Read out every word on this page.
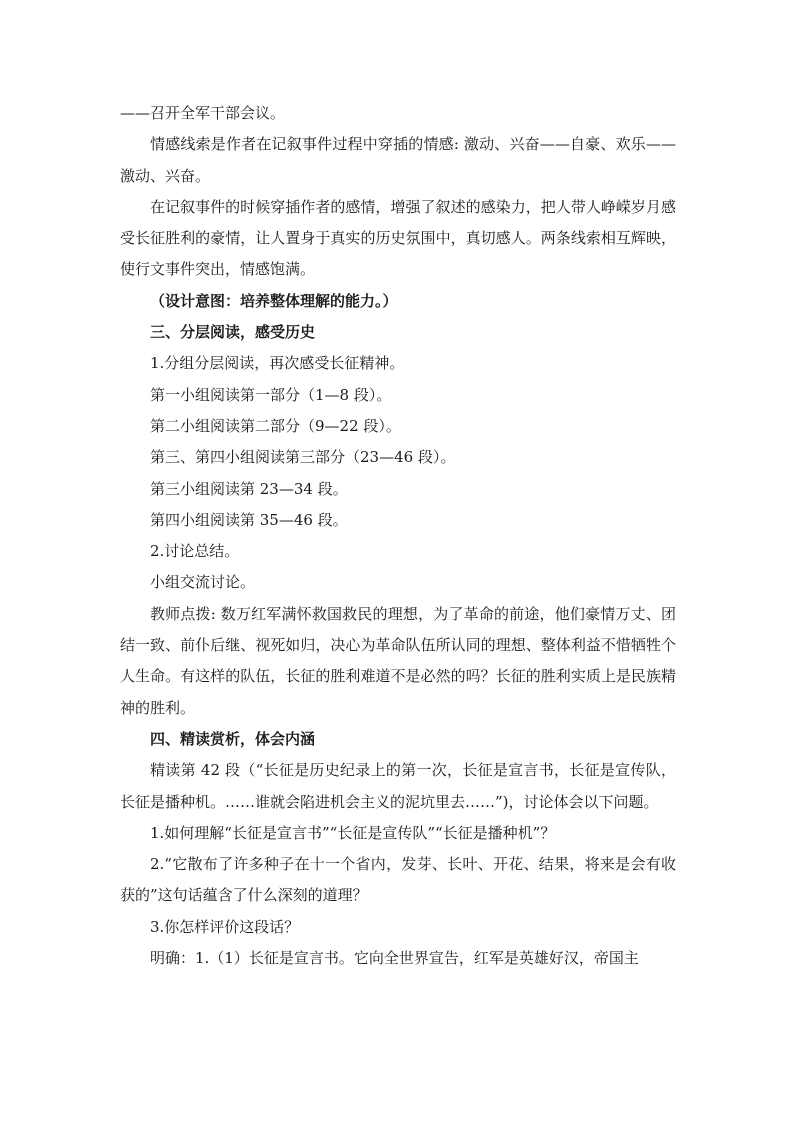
——召开全军干部会议。

情感线索是作者在记叙事件过程中穿插的情感: 激动、兴奋——自豪、欢乐——激动、兴奋。

在记叙事件的时候穿插作者的感情，增强了叙述的感染力，把人带人峥嵘岁月感受长征胜利的豪情，让人置身于真实的历史氛围中，真切感人。两条线索相互辉映，使行文事件突出，情感饱满。

（设计意图：培养整体理解的能力。）

三、分层阅读，感受历史

1.分组分层阅读，再次感受长征精神。

第一小组阅读第一部分（1—8 段）。

第二小组阅读第二部分（9—22 段）。

第三、第四小组阅读第三部分（23—46 段）。

第三小组阅读第 23—34 段。

第四小组阅读第 35—46 段。

2.讨论总结。

小组交流讨论。

教师点拨: 数万红军满怀救国救民的理想，为了革命的前途，他们豪情万丈、团结一致、前仆后继、视死如归，决心为革命队伍所认同的理想、整体利益不惜牺牲个人生命。有这样的队伍，长征的胜利难道不是必然的吗？长征的胜利实质上是民族精神的胜利。

四、精读赏析，体会内涵

精读第 42 段（“长征是历史纪录上的第一次，长征是宣言书，长征是宣传队，长征是播种机。……谁就会陷进机会主义的泥坑里去……”)，讨论体会以下问题。

1.如何理解“长征是宣言书”“长征是宣传队”“长征是播种机”？

2.“它散布了许多种子在十一个省内，发芽、长叶、开花、结果，将来是会有收获的”这句话蕴含了什么深刻的道理？

3.你怎样评价这段话？

明确：1.（1）长征是宣言书。它向全世界宣告，红军是英雄好汉，帝国主
